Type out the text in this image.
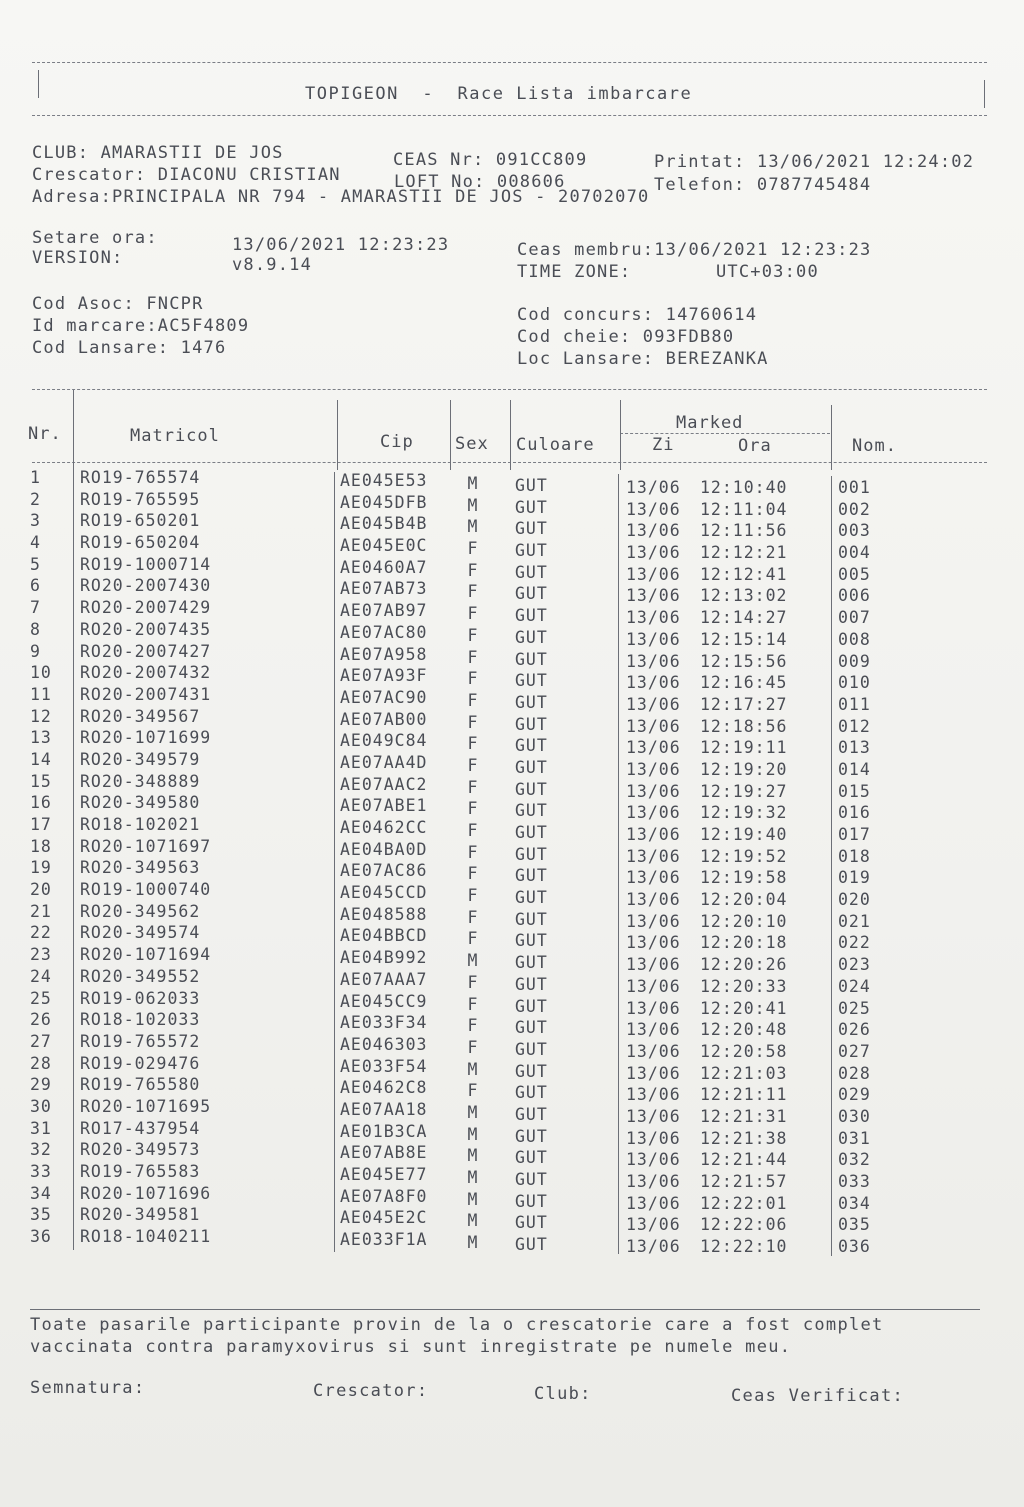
TOPIGEON  -  Race Lista imbarcare
CLUB: AMARASTII DE JOS	CEAS Nr: 091CC809	Printat: 13/06/2021 12:24:02
Crescator: DIACONU CRISTIAN	LOFT No: 008606	Telefon: 0787745484
Adresa:PRINCIPALA NR 794 - AMARASTII DE JOS - 20702070
Setare ora:	13/06/2021 12:23:23	Ceas membru:13/06/2021 12:23:23
VERSION:	v8.9.14	TIME ZONE:	UTC+03:00
Cod Asoc: FNCPR
Cod concurs: 14760614
Id marcare:AC5F4809
Cod cheie: 093FDB80
Cod Lansare: 1476
Loc Lansare: BEREZANKA
Nr.	Matricol	Cip Sex Culoare
Marked
Zi	Ora	Nom.
1	RO19-765574	AE045E53 M GUT	13/06 12:10:40	001
2	RO19-765595	AE045DFB M GUT	13/06 12:11:04	002
3	RO19-650201	AE045B4B M GUT	13/06 12:11:56	003
4	RO19-650204	AE045E0C F GUT	13/06 12:12:21	004
5	RO19-1000714	AE0460A7 F GUT	13/06 12:12:41	005
6	RO20-2007430	AE07AB73 F GUT	13/06 12:13:02	006
7	RO20-2007429	AE07AB97 F GUT	13/06 12:14:27	007
8	RO20-2007435	AE07AC80 F GUT	13/06 12:15:14	008
9	RO20-2007427	AE07A958 F GUT	13/06 12:15:56	009
10	RO20-2007432	AE07A93F F GUT	13/06 12:16:45	010
11	RO20-2007431	AE07AC90 F GUT	13/06 12:17:27	011
12	RO20-349567	AE07AB00 F GUT	13/06 12:18:56	012
13	RO20-1071699	AE049C84 F GUT	13/06 12:19:11	013
14	RO20-349579	AE07AA4D F GUT	13/06 12:19:20	014
15	RO20-348889	AE07AAC2 F GUT	13/06 12:19:27	015
16	RO20-349580	AE07ABE1 F GUT	13/06 12:19:32	016
17	RO18-102021	AE0462CC F GUT	13/06 12:19:40	017
18	RO20-1071697	AE04BA0D F GUT	13/06 12:19:52	018
19	RO20-349563	AE07AC86 F GUT	13/06 12:19:58	019
20	RO19-1000740	AE045CCD F GUT	13/06 12:20:04	020
21	RO20-349562	AE048588 F GUT	13/06 12:20:10	021
22	RO20-349574	AE04BBCD F GUT	13/06 12:20:18	022
23	RO20-1071694	AE04B992 M GUT	13/06 12:20:26	023
24	RO20-349552	AE07AAA7 F GUT	13/06 12:20:33	024
25	RO19-062033	AE045CC9 F GUT	13/06 12:20:41	025
26	RO18-102033	AE033F34 F GUT	13/06 12:20:48	026
27	RO19-765572	AE046303 F GUT	13/06 12:20:58	027
28	RO19-029476	AE033F54 M GUT	13/06 12:21:03	028
29	RO19-765580	AE0462C8 F GUT	13/06 12:21:11	029
30	RO20-1071695	AE07AA18 M GUT	13/06 12:21:31	030
31	RO17-437954	AE01B3CA M GUT	13/06 12:21:38	031
32	RO20-349573	AE07AB8E M GUT	13/06 12:21:44	032
33	RO19-765583	AE045E77 M GUT	13/06 12:21:57	033
34	RO20-1071696	AE07A8F0 M GUT	13/06 12:22:01	034
35	RO20-349581	AE045E2C M GUT	13/06 12:22:06	035
36	RO18-1040211	AE033F1A M GUT	13/06 12:22:10	036
Toate pasarile participante provin de la o crescatorie care a fost complet
vaccinata contra paramyxovirus si sunt inregistrate pe numele meu.
Semnatura:	Crescator:	Club:	Ceas Verificat:
